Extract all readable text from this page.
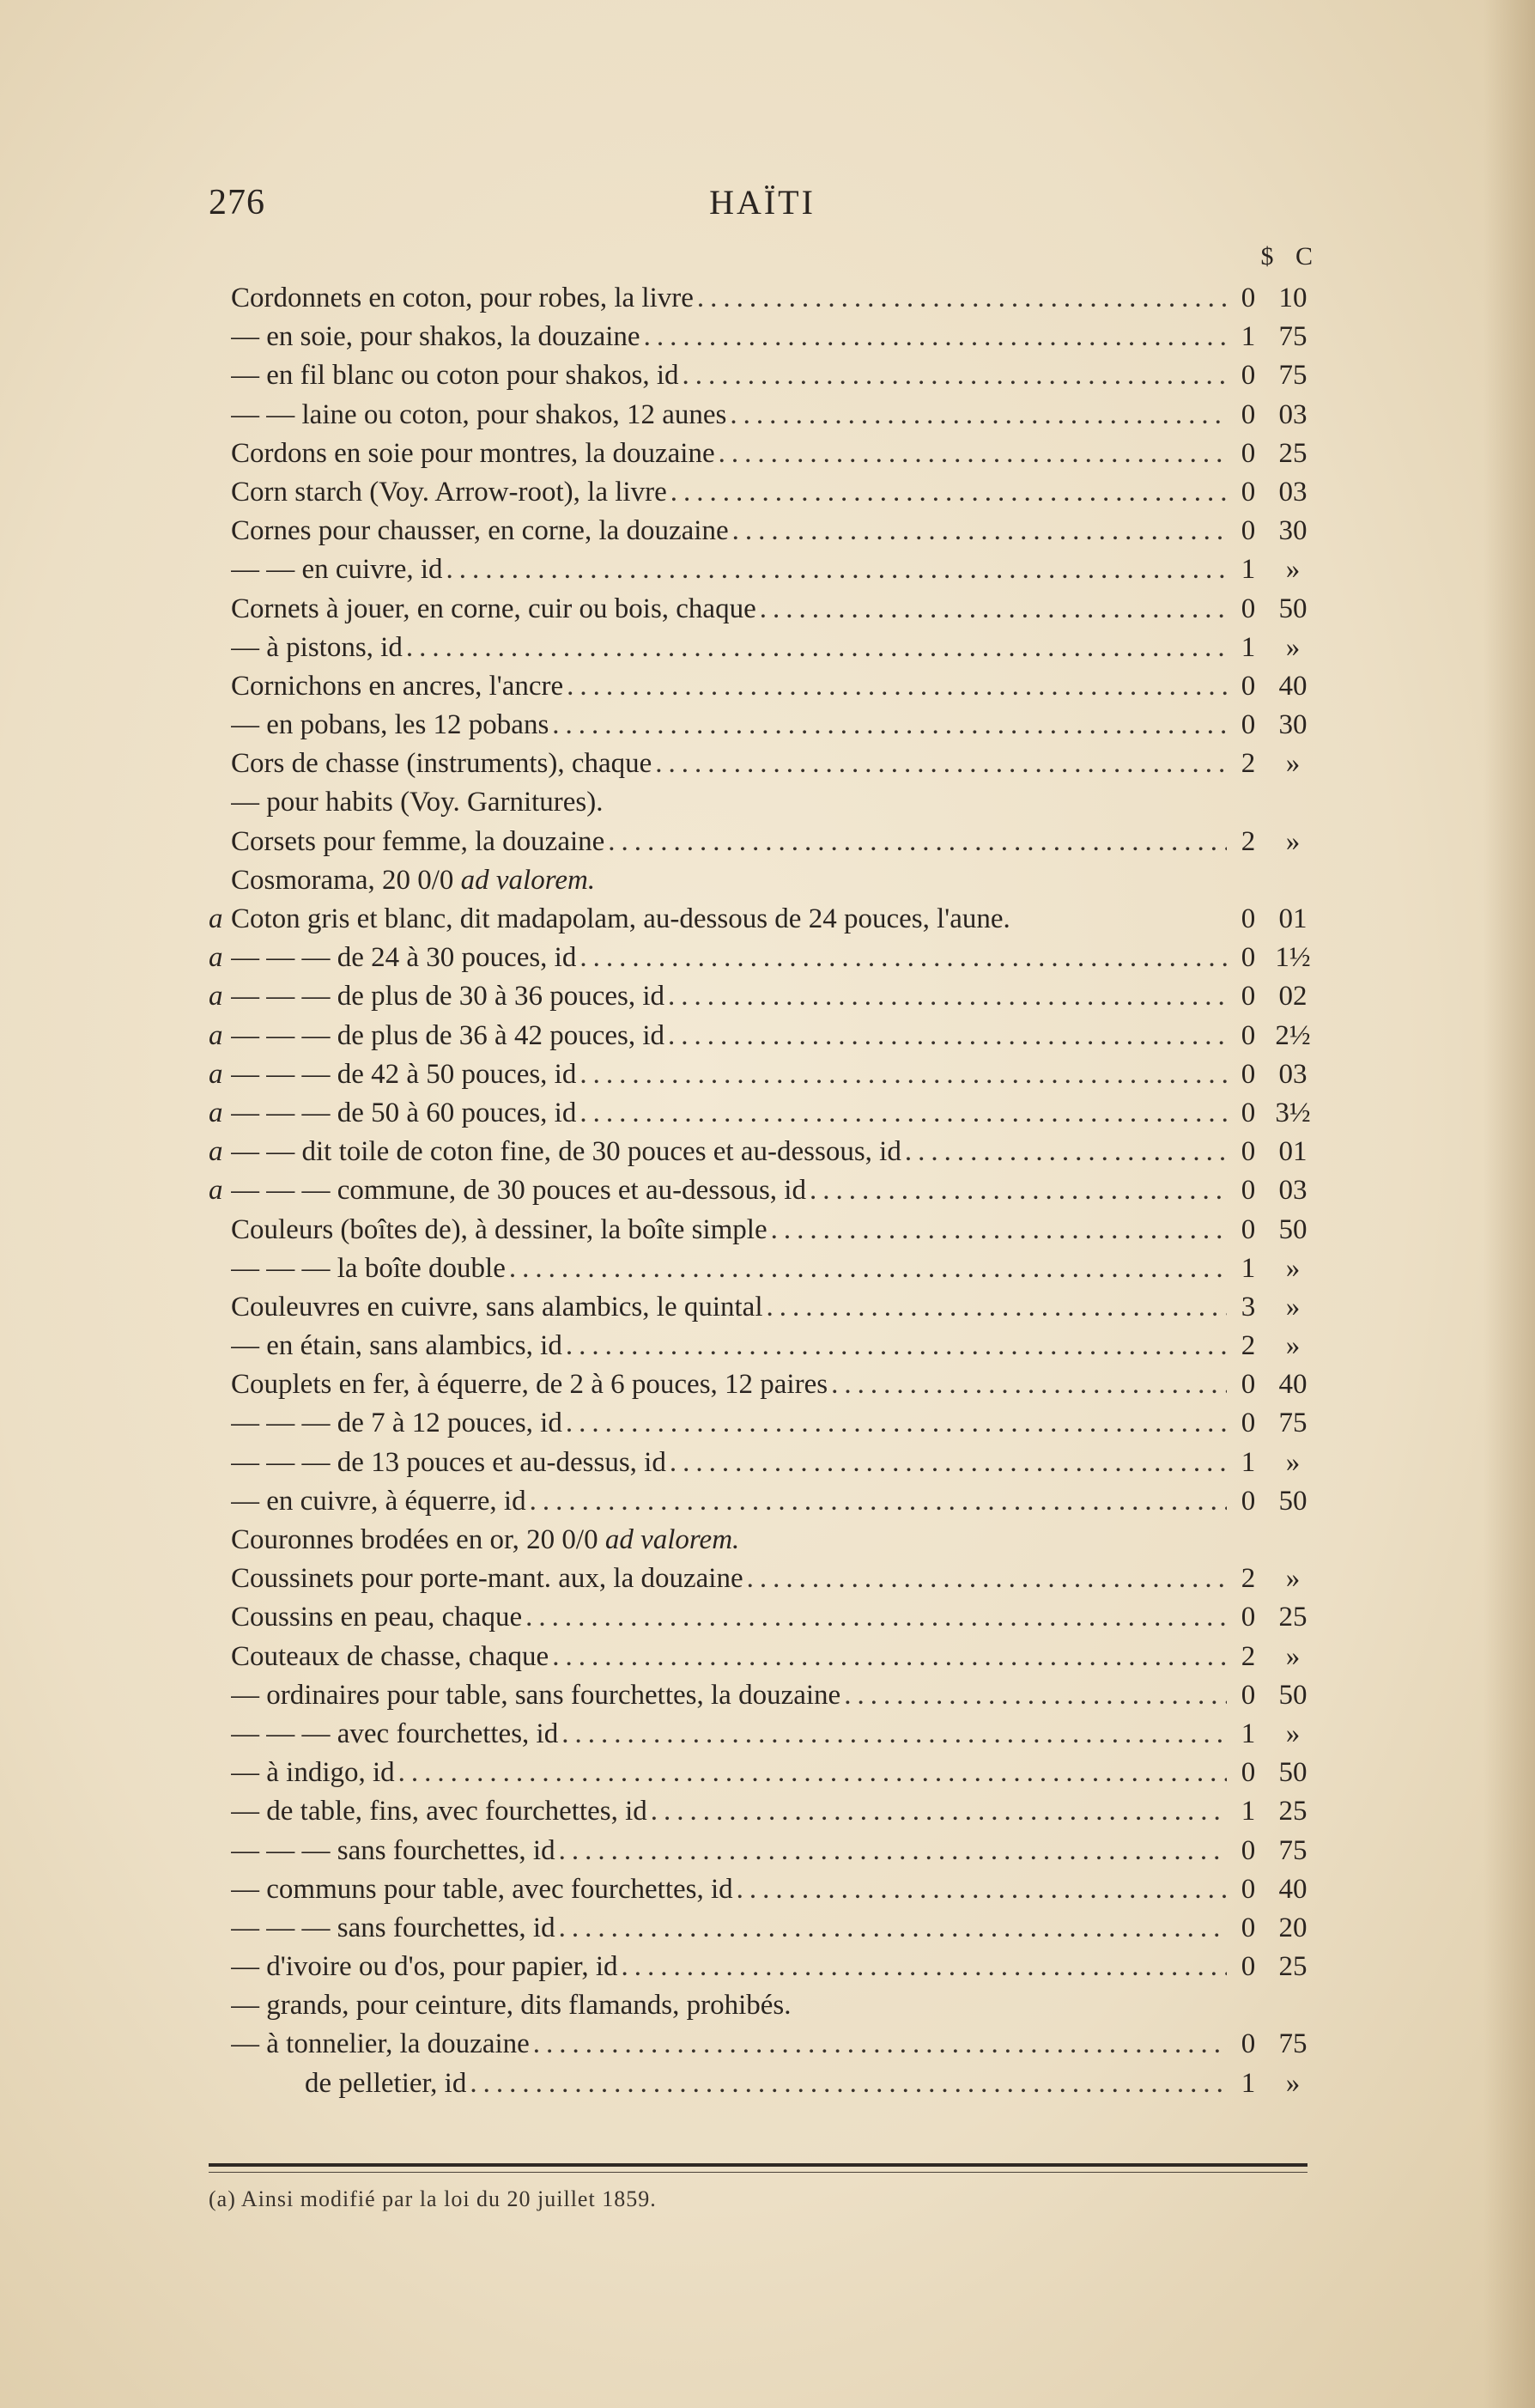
276	HAÏTI
$ C
Cordonnets en coton, pour robes, la livre .....	0 10
— en soie, pour shakos, la douzaine .....	1 75
— en fil blanc ou coton pour shakos, id .....	0 75
— — laine ou coton, pour shakos, 12 aunes .....	0 03
Cordons en soie pour montres, la douzaine .....	0 25
Corn starch (Voy. Arrow-root), la livre .....	0 03
Cornes pour chausser, en corne, la douzaine .....	0 30
— — en cuivre, id .....	1	»
Cornets à jouer, en corne, cuir ou bois, chaque .....	0 50
— à pistons, id .....	1	»
Cornichons en ancres, l'ancre .....	0 40
— en pobans, les 12 pobans .....	0 30
Cors de chasse (instruments), chaque .....	2	»
— pour habits (Voy. Garnitures).
Corsets pour femme, la douzaine .....	2	»
Cosmorama, 20 0/0 ad valorem.
a Coton gris et blanc, dit madapolam, au-dessous de 24 pouces, l'aune.	0 01
a — — — de 24 à 30 pouces, id .....	0 1½
a — — — de plus de 30 à 36 pouces, id .....	0 02
a — — — de plus de 36 à 42 pouces, id .....	0 2½
a — — — de 42 à 50 pouces, id .....	0 03
a — — — de 50 à 60 pouces, id .....	0 3½
a — — dit toile de coton fine, de 30 pouces et au-dessous, id .....	0 01
a — — — commune, de 30 pouces et au-dessous, id .....	0 03
Couleurs (boîtes de), à dessiner, la boîte simple .....	0 50
— — — la boîte double .....	1	»
Couleuvres en cuivre, sans alambics, le quintal .....	3	»
— en étain, sans alambics, id .....	2	»
Couplets en fer, à équerre, de 2 à 6 pouces, 12 paires .....	0 40
— — — de 7 à 12 pouces, id .....	0 75
— — — de 13 pouces et au-dessus, id .....	1	»
— en cuivre, à équerre, id .....	0 50
Couronnes brodées en or, 20 0/0 ad valorem.
Coussinets pour porte-mant. aux, la douzaine .....	2	»
Coussins en peau, chaque .....	0 25
Couteaux de chasse, chaque .....	2	»
— ordinaires pour table, sans fourchettes, la douzaine .....	0 50
— — — avec fourchettes, id .....	1	»
— à indigo, id .....	0 50
— de table, fins, avec fourchettes, id .....	1 25
— — — sans fourchettes, id .....	0 75
— communs pour table, avec fourchettes, id .....	0 40
— — — sans fourchettes, id .....	0 20
— d'ivoire ou d'os, pour papier, id .....	0 25
— grands, pour ceinture, dits flamands, prohibés.
— à tonnelier, la douzaine .....	0 75
de pelletier, id .....	1	»
(a) Ainsi modifié par la loi du 20 juillet 1859.
